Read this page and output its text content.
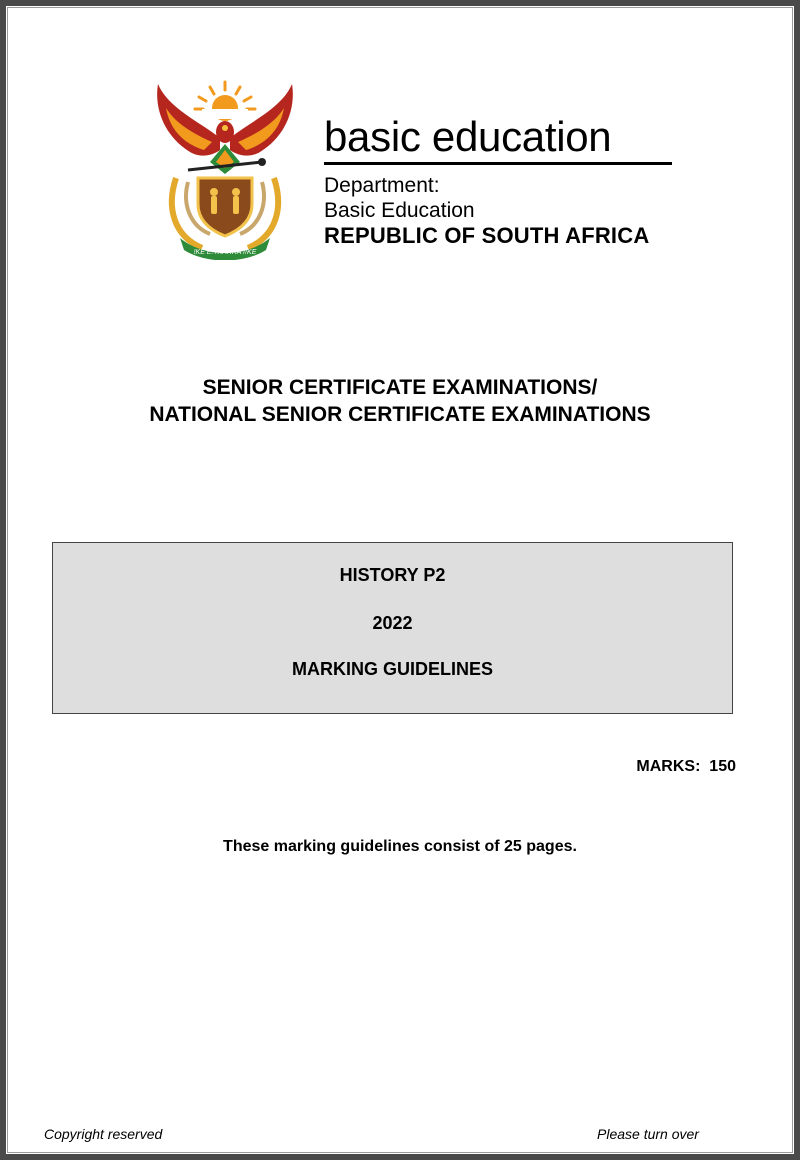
!KE E: /XARRA //KE
basic education
Department:
Basic Education
REPUBLIC OF SOUTH AFRICA
SENIOR CERTIFICATE EXAMINATIONS/
NATIONAL SENIOR CERTIFICATE EXAMINATIONS
HISTORY P2
2022
MARKING GUIDELINES
MARKS:  150
These marking guidelines consist of 25 pages.
Copyright reserved	Please turn over
